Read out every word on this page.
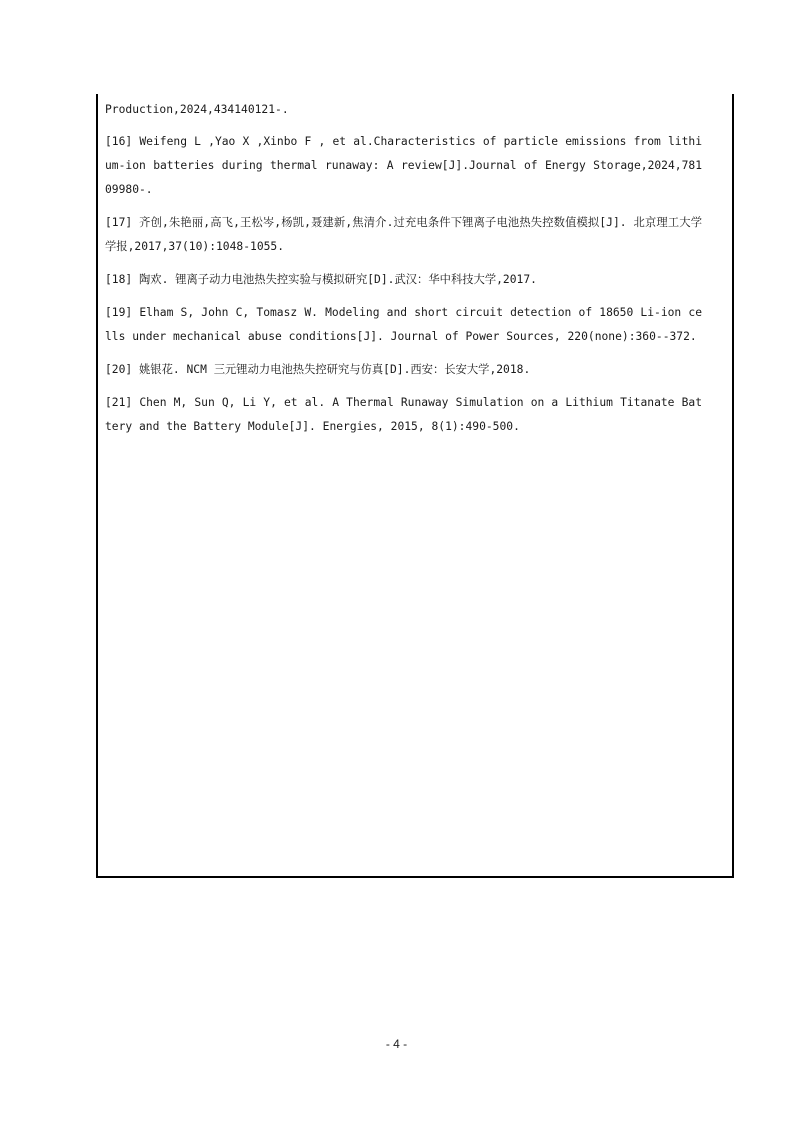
Production,2024,434140121-.

[16] Weifeng L ,Yao X ,Xinbo F , et al.Characteristics of particle emissions from lithium-ion batteries during thermal runaway: A review[J].Journal of Energy Storage,2024,78109980-.

[17] 齐创,朱艳丽,高飞,王松岑,杨凯,聂建新,焦清介.过充电条件下锂离子电池热失控数值模拟[J]. 北京理工大学学报,2017,37(10):1048-1055.

[18] 陶欢. 锂离子动力电池热失控实验与模拟研究[D].武汉：华中科技大学,2017.

[19] Elham S, John C, Tomasz W. Modeling and short circuit detection of 18650 Li-ion cells under mechanical abuse conditions[J]. Journal of Power Sources, 220(none):360--372.

[20] 姚银花. NCM 三元锂动力电池热失控研究与仿真[D].西安：长安大学,2018.

[21] Chen M, Sun Q, Li Y, et al. A Thermal Runaway Simulation on a Lithium Titanate Battery and the Battery Module[J]. Energies, 2015, 8(1):490-500.

- 4 -
